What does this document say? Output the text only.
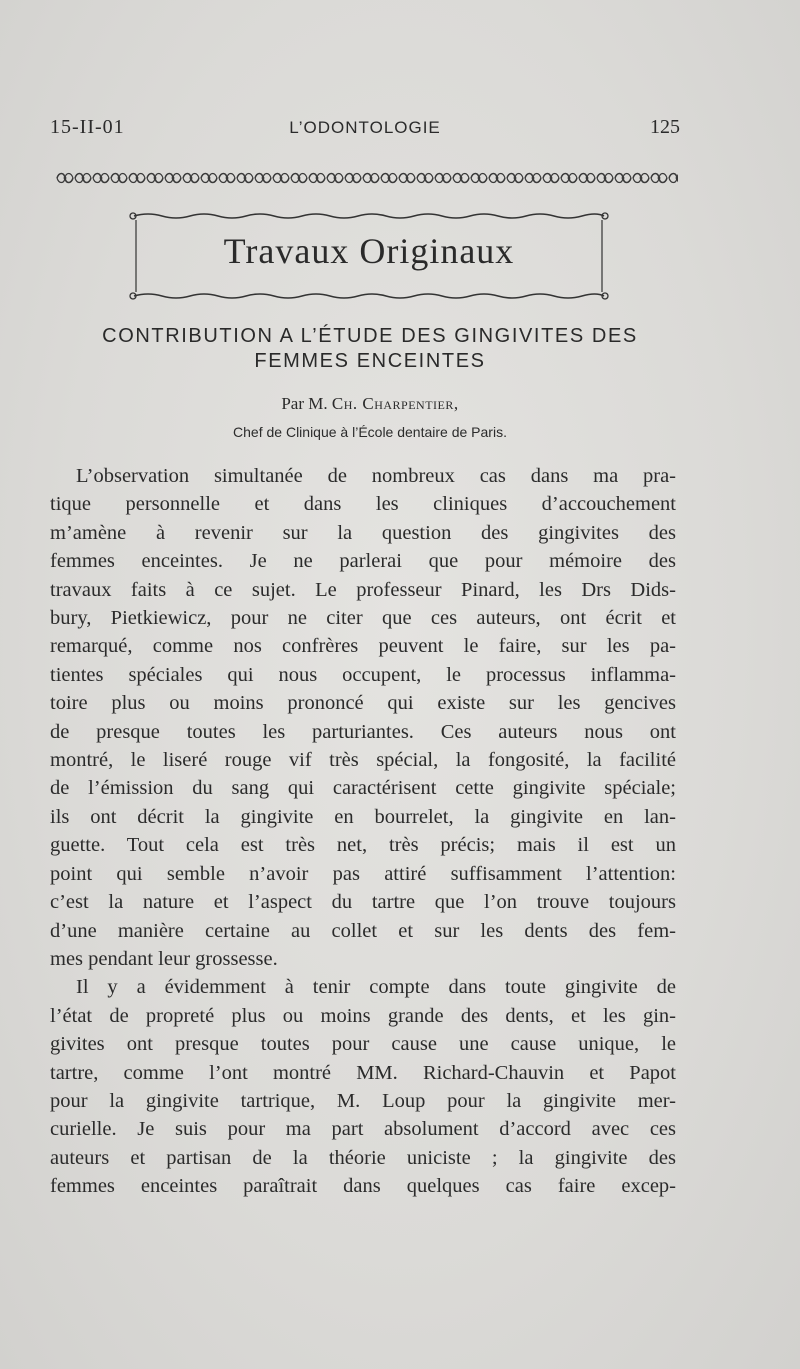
15-II-01	L’ODONTOLOGIE	125
Travaux Originaux
CONTRIBUTION A L’ÉTUDE DES GINGIVITES DES
FEMMES ENCEINTES
Par M. Ch. Charpentier,
Chef de Clinique à l’École dentaire de Paris.

L’observation simultanée de nombreux cas dans ma pra-
tique personnelle et dans les cliniques d’accouchement
m’amène à revenir sur la question des gingivites des
femmes enceintes. Je ne parlerai que pour mémoire des
travaux faits à ce sujet. Le professeur Pinard, les Drs Dids-
bury, Pietkiewicz, pour ne citer que ces auteurs, ont écrit et
remarqué, comme nos confrères peuvent le faire, sur les pa-
tientes spéciales qui nous occupent, le processus inflamma-
toire plus ou moins prononcé qui existe sur les gencives
de presque toutes les parturiantes. Ces auteurs nous ont
montré, le liseré rouge vif très spécial, la fongosité, la facilité
de l’émission du sang qui caractérisent cette gingivite spéciale;
ils ont décrit la gingivite en bourrelet, la gingivite en lan-
guette. Tout cela est très net, très précis; mais il est un
point qui semble n’avoir pas attiré suffisamment l’attention:
c’est la nature et l’aspect du tartre que l’on trouve toujours
d’une manière certaine au collet et sur les dents des fem-
mes pendant leur grossesse.

Il y a évidemment à tenir compte dans toute gingivite de
l’état de propreté plus ou moins grande des dents, et les gin-
givites ont presque toutes pour cause une cause unique, le
tartre, comme l’ont montré MM. Richard-Chauvin et Papot
pour la gingivite tartrique, M. Loup pour la gingivite mer-
curielle. Je suis pour ma part absolument d’accord avec ces
auteurs et partisan de la théorie uniciste ; la gingivite des
femmes enceintes paraîtrait dans quelques cas faire excep-
